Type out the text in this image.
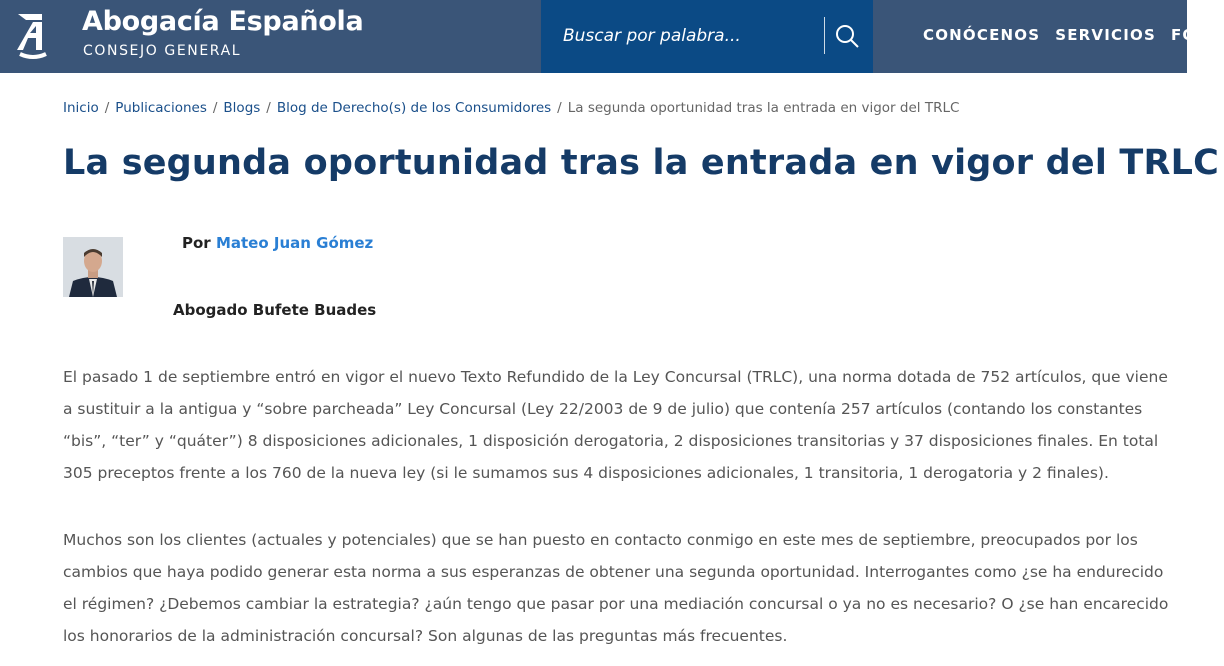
Abogacía Española
CONSEJO GENERAL
Buscar por palabra...
CONÓCENOS SERVICIOS FOR
Inicio / Publicaciones / Blogs / Blog de Derecho(s) de los Consumidores / La segunda oportunidad tras la entrada en vigor del TRLC
La segunda oportunidad tras la entrada en vigor del TRLC
Por Mateo Juan Gómez
Abogado Bufete Buades

El pasado 1 de septiembre entró en vigor el nuevo Texto Refundido de la Ley Concursal (TRLC), una norma dotada de 752 artículos, que viene a sustituir a la antigua y “sobre parcheada” Ley Concursal (Ley 22/2003 de 9 de julio) que contenía 257 artículos (contando los constantes “bis”, “ter” y “quáter”) 8 disposiciones adicionales, 1 disposición derogatoria, 2 disposiciones transitorias y 37 disposiciones finales. En total 305 preceptos frente a los 760 de la nueva ley (si le sumamos sus 4 disposiciones adicionales, 1 transitoria, 1 derogatoria y 2 finales).

Muchos son los clientes (actuales y potenciales) que se han puesto en contacto conmigo en este mes de septiembre, preocupados por los cambios que haya podido generar esta norma a sus esperanzas de obtener una segunda oportunidad. Interrogantes como ¿se ha endurecido el régimen? ¿Debemos cambiar la estrategia? ¿aún tengo que pasar por una mediación concursal o ya no es necesario? O ¿se han encarecido los honorarios de la administración concursal? Son algunas de las preguntas más frecuentes.
